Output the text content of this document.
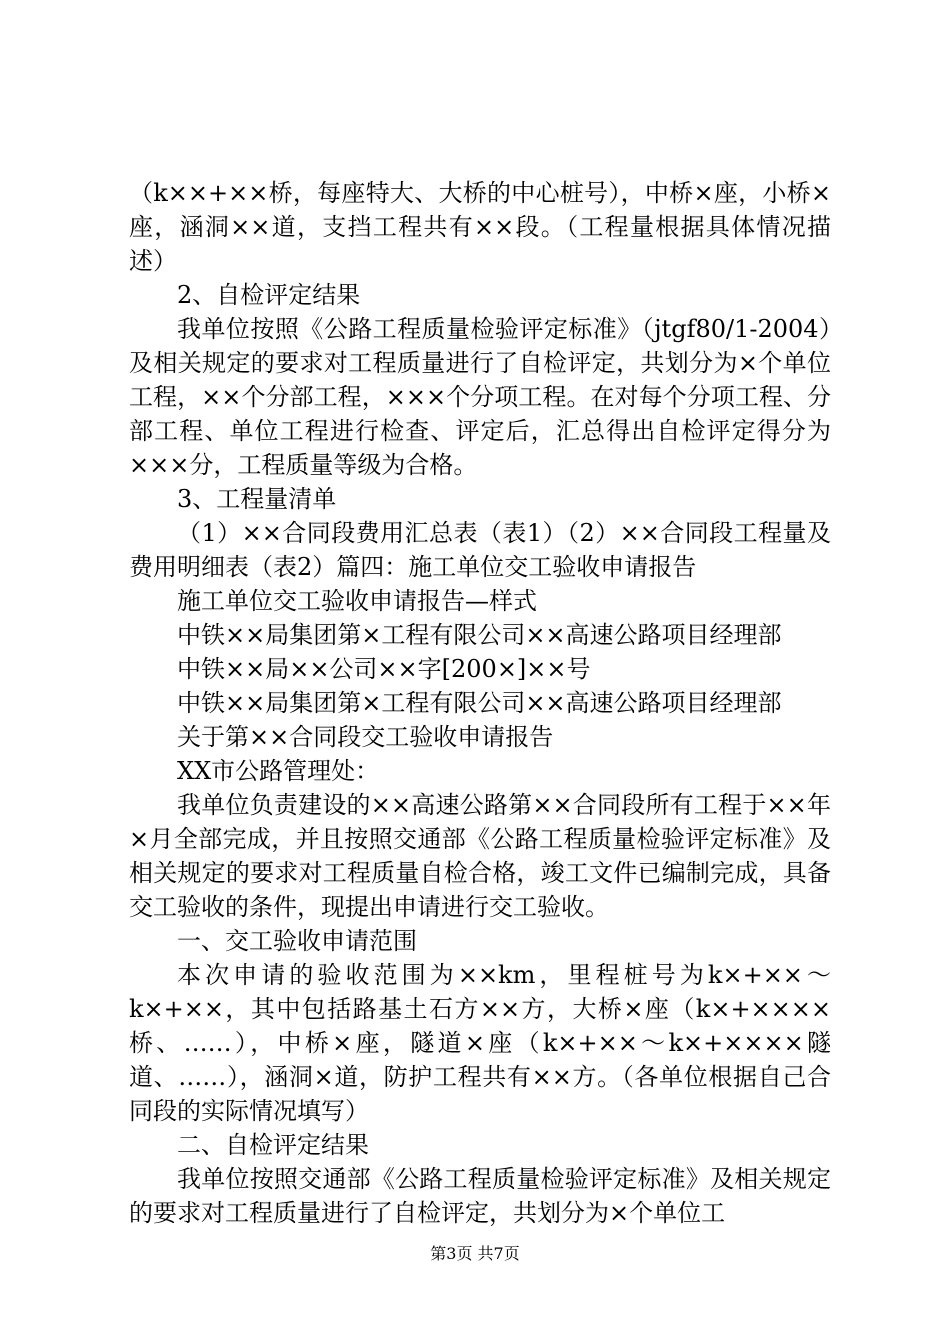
（k××+××桥，每座特大、大桥的中心桩号），中桥×座，小桥×座，涵洞××道，支挡工程共有××段。（工程量根据具体情况描述）

2、自检评定结果

我单位按照《公路工程质量检验评定标准》（jtgf80/1-2004）及相关规定的要求对工程质量进行了自检评定，共划分为×个单位工程，××个分部工程，×××个分项工程。在对每个分项工程、分部工程、单位工程进行检查、评定后，汇总得出自检评定得分为×××分，工程质量等级为合格。

3、工程量清单

（1）××合同段费用汇总表（表1）（2）××合同段工程量及费用明细表（表2）篇四：施工单位交工验收申请报告

施工单位交工验收申请报告—样式

中铁××局集团第×工程有限公司××高速公路项目经理部

中铁××局××公司××字[200×]××号

中铁××局集团第×工程有限公司××高速公路项目经理部

关于第××合同段交工验收申请报告

XX市公路管理处：

我单位负责建设的××高速公路第××合同段所有工程于××年×月全部完成，并且按照交通部《公路工程质量检验评定标准》及相关规定的要求对工程质量自检合格，竣工文件已编制完成，具备交工验收的条件，现提出申请进行交工验收。

一、交工验收申请范围

本次申请的验收范围为××km，里程桩号为k×+××～k×+××，其中包括路基土石方××方，大桥×座（k×+××××桥、……），中桥×座，隧道×座（k×+××～k×+××××隧道、……），涵洞×道，防护工程共有××方。（各单位根据自己合同段的实际情况填写）

二、自检评定结果

我单位按照交通部《公路工程质量检验评定标准》及相关规定的要求对工程质量进行了自检评定，共划分为×个单位工

第3页 共7页
